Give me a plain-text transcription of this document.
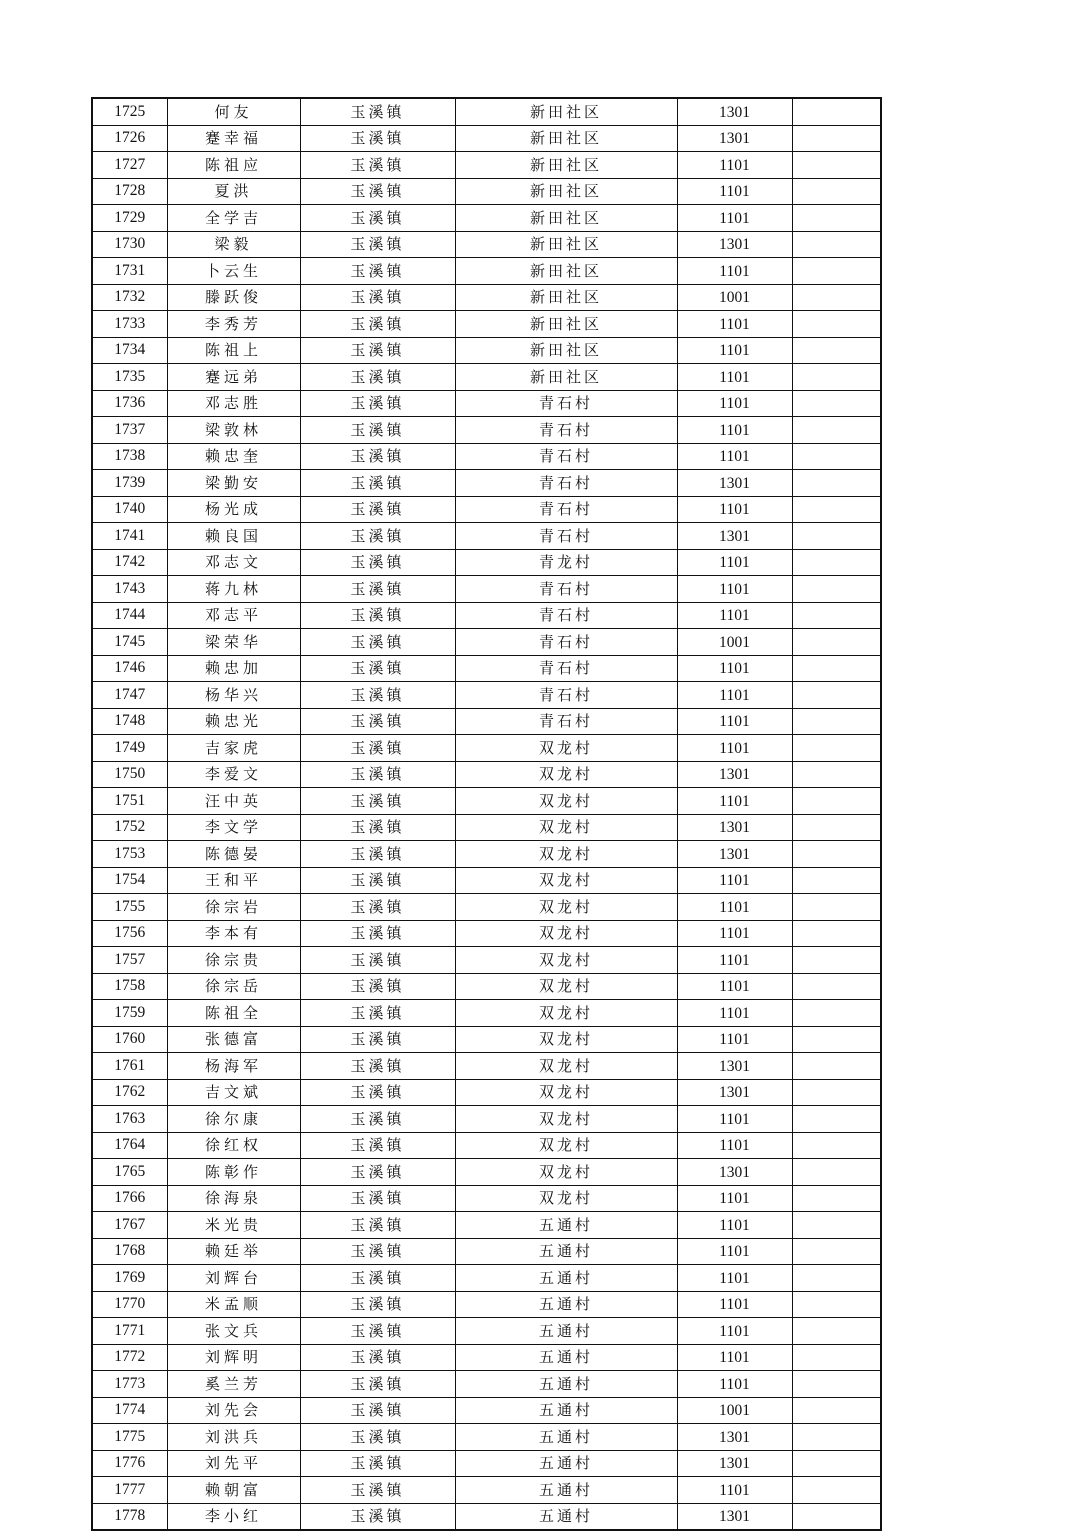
1725	何友	玉溪镇	新田社区	1301	
1726	蹇幸福	玉溪镇	新田社区	1301	
1727	陈祖应	玉溪镇	新田社区	1101	
1728	夏洪	玉溪镇	新田社区	1101	
1729	全学吉	玉溪镇	新田社区	1101	
1730	梁毅	玉溪镇	新田社区	1301	
1731	卜云生	玉溪镇	新田社区	1101	
1732	滕跃俊	玉溪镇	新田社区	1001	
1733	李秀芳	玉溪镇	新田社区	1101	
1734	陈祖上	玉溪镇	新田社区	1101	
1735	蹇远弟	玉溪镇	新田社区	1101	
1736	邓志胜	玉溪镇	青石村	1101	
1737	梁敦林	玉溪镇	青石村	1101	
1738	赖忠奎	玉溪镇	青石村	1101	
1739	梁勤安	玉溪镇	青石村	1301	
1740	杨光成	玉溪镇	青石村	1101	
1741	赖良国	玉溪镇	青石村	1301	
1742	邓志文	玉溪镇	青龙村	1101	
1743	蒋九林	玉溪镇	青石村	1101	
1744	邓志平	玉溪镇	青石村	1101	
1745	梁荣华	玉溪镇	青石村	1001	
1746	赖忠加	玉溪镇	青石村	1101	
1747	杨华兴	玉溪镇	青石村	1101	
1748	赖忠光	玉溪镇	青石村	1101	
1749	吉家虎	玉溪镇	双龙村	1101	
1750	李爱文	玉溪镇	双龙村	1301	
1751	汪中英	玉溪镇	双龙村	1101	
1752	李文学	玉溪镇	双龙村	1301	
1753	陈德晏	玉溪镇	双龙村	1301	
1754	王和平	玉溪镇	双龙村	1101	
1755	徐宗岩	玉溪镇	双龙村	1101	
1756	李本有	玉溪镇	双龙村	1101	
1757	徐宗贵	玉溪镇	双龙村	1101	
1758	徐宗岳	玉溪镇	双龙村	1101	
1759	陈祖全	玉溪镇	双龙村	1101	
1760	张德富	玉溪镇	双龙村	1101	
1761	杨海军	玉溪镇	双龙村	1301	
1762	吉文斌	玉溪镇	双龙村	1301	
1763	徐尔康	玉溪镇	双龙村	1101	
1764	徐红权	玉溪镇	双龙村	1101	
1765	陈彰作	玉溪镇	双龙村	1301	
1766	徐海泉	玉溪镇	双龙村	1101	
1767	米光贵	玉溪镇	五通村	1101	
1768	赖廷举	玉溪镇	五通村	1101	
1769	刘辉台	玉溪镇	五通村	1101	
1770	米孟顺	玉溪镇	五通村	1101	
1771	张文兵	玉溪镇	五通村	1101	
1772	刘辉明	玉溪镇	五通村	1101	
1773	奚兰芳	玉溪镇	五通村	1101	
1774	刘先会	玉溪镇	五通村	1001	
1775	刘洪兵	玉溪镇	五通村	1301	
1776	刘先平	玉溪镇	五通村	1301	
1777	赖朝富	玉溪镇	五通村	1101	
1778	李小红	玉溪镇	五通村	1301	
